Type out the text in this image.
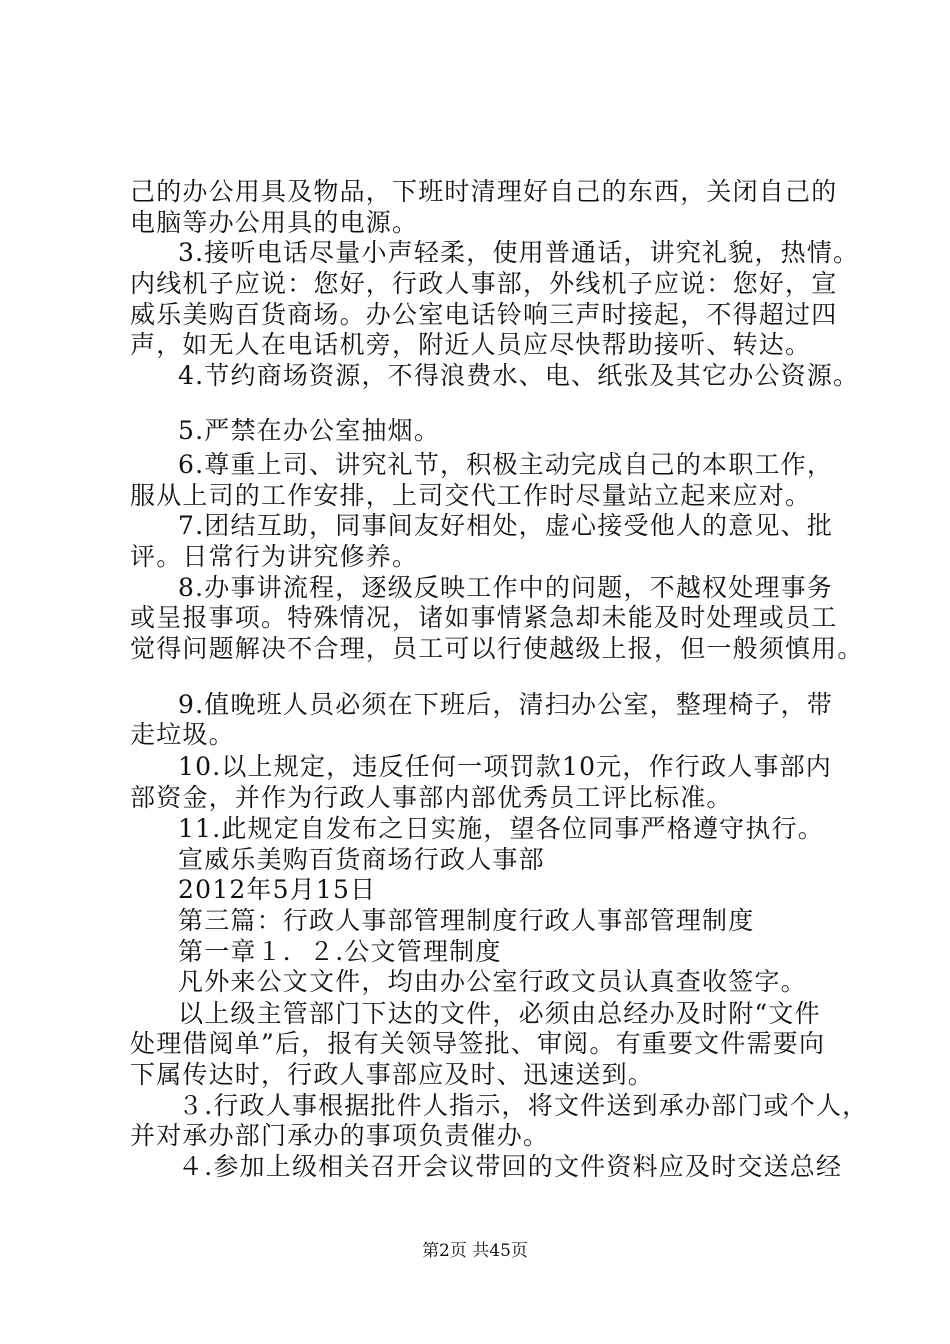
己的办公用具及物品，下班时清理好自己的东西，关闭自己的
电脑等办公用具的电源。
3.接听电话尽量小声轻柔，使用普通话，讲究礼貌，热情。
内线机子应说：您好，行政人事部，外线机子应说：您好，宣
威乐美购百货商场。办公室电话铃响三声时接起，不得超过四
声，如无人在电话机旁，附近人员应尽快帮助接听、转达。
4.节约商场资源，不得浪费水、电、纸张及其它办公资源。
5.严禁在办公室抽烟。
6.尊重上司、讲究礼节，积极主动完成自己的本职工作，
服从上司的工作安排，上司交代工作时尽量站立起来应对。
7.团结互助，同事间友好相处，虚心接受他人的意见、批
评。日常行为讲究修养。
8.办事讲流程，逐级反映工作中的问题，不越权处理事务
或呈报事项。特殊情况，诸如事情紧急却未能及时处理或员工
觉得问题解决不合理，员工可以行使越级上报，但一般须慎用。
9.值晚班人员必须在下班后，清扫办公室，整理椅子，带
走垃圾。
10.以上规定，违反任何一项罚款10元，作行政人事部内
部资金，并作为行政人事部内部优秀员工评比标准。
11.此规定自发布之日实施，望各位同事严格遵守执行。
宣威乐美购百货商场行政人事部
2012年5月15日
第三篇：行政人事部管理制度行政人事部管理制度
第一章１．２.公文管理制度
凡外来公文文件，均由办公室行政文员认真查收签字。
以上级主管部门下达的文件，必须由总经办及时附“文件
处理借阅单”后，报有关领导签批、审阅。有重要文件需要向
下属传达时，行政人事部应及时、迅速送到。
３.行政人事根据批件人指示，将文件送到承办部门或个人，
并对承办部门承办的事项负责催办。
４.参加上级相关召开会议带回的文件资料应及时交送总经
第2页 共45页
